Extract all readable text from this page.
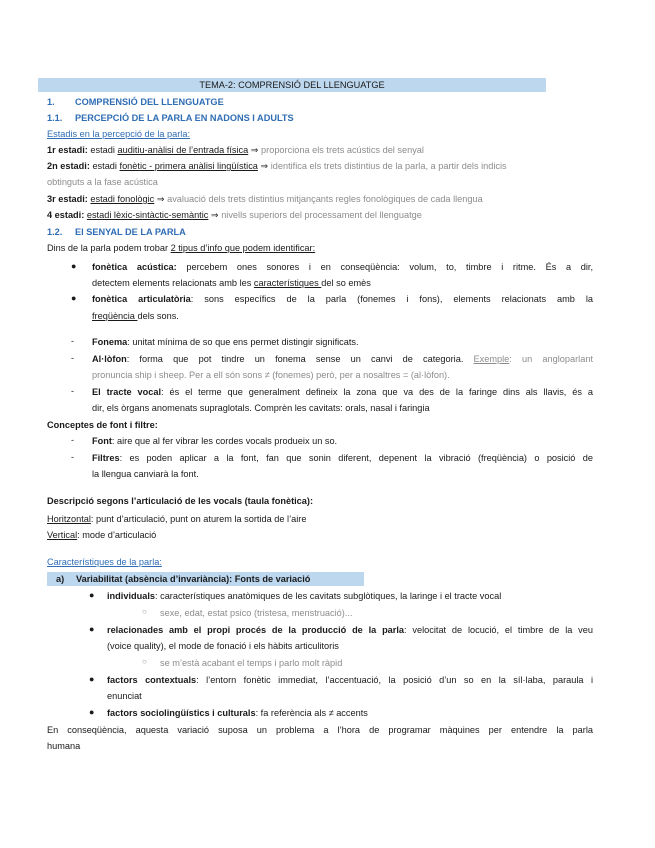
TEMA-2: COMPRENSIÓ DEL LLENGUATGE
1. COMPRENSIÓ DEL LLENGUATGE
1.1. PERCEPCIÓ DE LA PARLA EN NADONS I ADULTS
Estadis en la percepció de la parla:
1r estadi: estadi auditiu-anàlisi de l’entrada física ⇒ proporciona els trets acústics del senyal
2n estadi: estadi fonètic - primera anàlisi lingüística ⇒ identifica els trets distintius de la parla, a partir dels indicis
obtinguts a la fase acústica
3r estadi: estadi fonològic ⇒ avaluació dels trets distintius mitjançants regles fonològiques de cada llengua
4 estadi: estadi lèxic-sintàctic-semàntic ⇒ nivells superiors del processament del llenguatge
1.2. El SENYAL DE LA PARLA
Dins de la parla podem trobar 2 tipus d’info que podem identificar:
● fonètica acústica: percebem ones sonores i en conseqüència: volum, to, timbre i ritme. És a dir,
detectem elements relacionats amb les característiques del so emès
● fonètica articulatòria: sons específics de la parla (fonemes i fons), elements relacionats amb la
freqüència dels sons.
- Fonema: unitat mínima de so que ens permet distingir significats.
- Al·lòfon: forma que pot tindre un fonema sense un canvi de categoria. Exemple: un angloparlant
pronuncia ship i sheep. Per a ell són sons ≠ (fonemes) però, per a nosaltres = (al·lòfon).
- El tracte vocal: és el terme que generalment defineix la zona que va des de la faringe dins als llavis, és a
dir, els òrgans anomenats supraglotals. Comprèn les cavitats: orals, nasal i faringia
Conceptes de font i filtre:
- Font: aire que al fer vibrar les cordes vocals produeix un so.
- Filtres: es poden aplicar a la font, fan que sonin diferent, depenent la vibració (freqüència) o posició de
la llengua canviarà la font.
Descripció segons l’articulació de les vocals (taula fonètica):
Horitzontal: punt d’articulació, punt on aturem la sortida de l’aire
Vertical: mode d’articulació
Característiques de la parla:
a) Variabilitat (absència d’invariància): Fonts de variació
● individuals: característiques anatòmiques de les cavitats subglòtiques, la laringe i el tracte vocal
○ sexe, edat, estat psico (tristesa, menstruació)...
● relacionades amb el propi procés de la producció de la parla: velocitat de locució, el timbre de la veu
(voice quality), el mode de fonació i els hàbits articulitoris
○ se m’està acabant el temps i parlo molt ràpid
● factors contextuals: l’entorn fonètic immediat, l’accentuació, la posició d’un so en la síl·laba, paraula i
enunciat
● factors sociolingüístics i culturals: fa referència als ≠ accents
En conseqüència, aquesta variació suposa un problema a l’hora de programar màquines per entendre la parla
humana
